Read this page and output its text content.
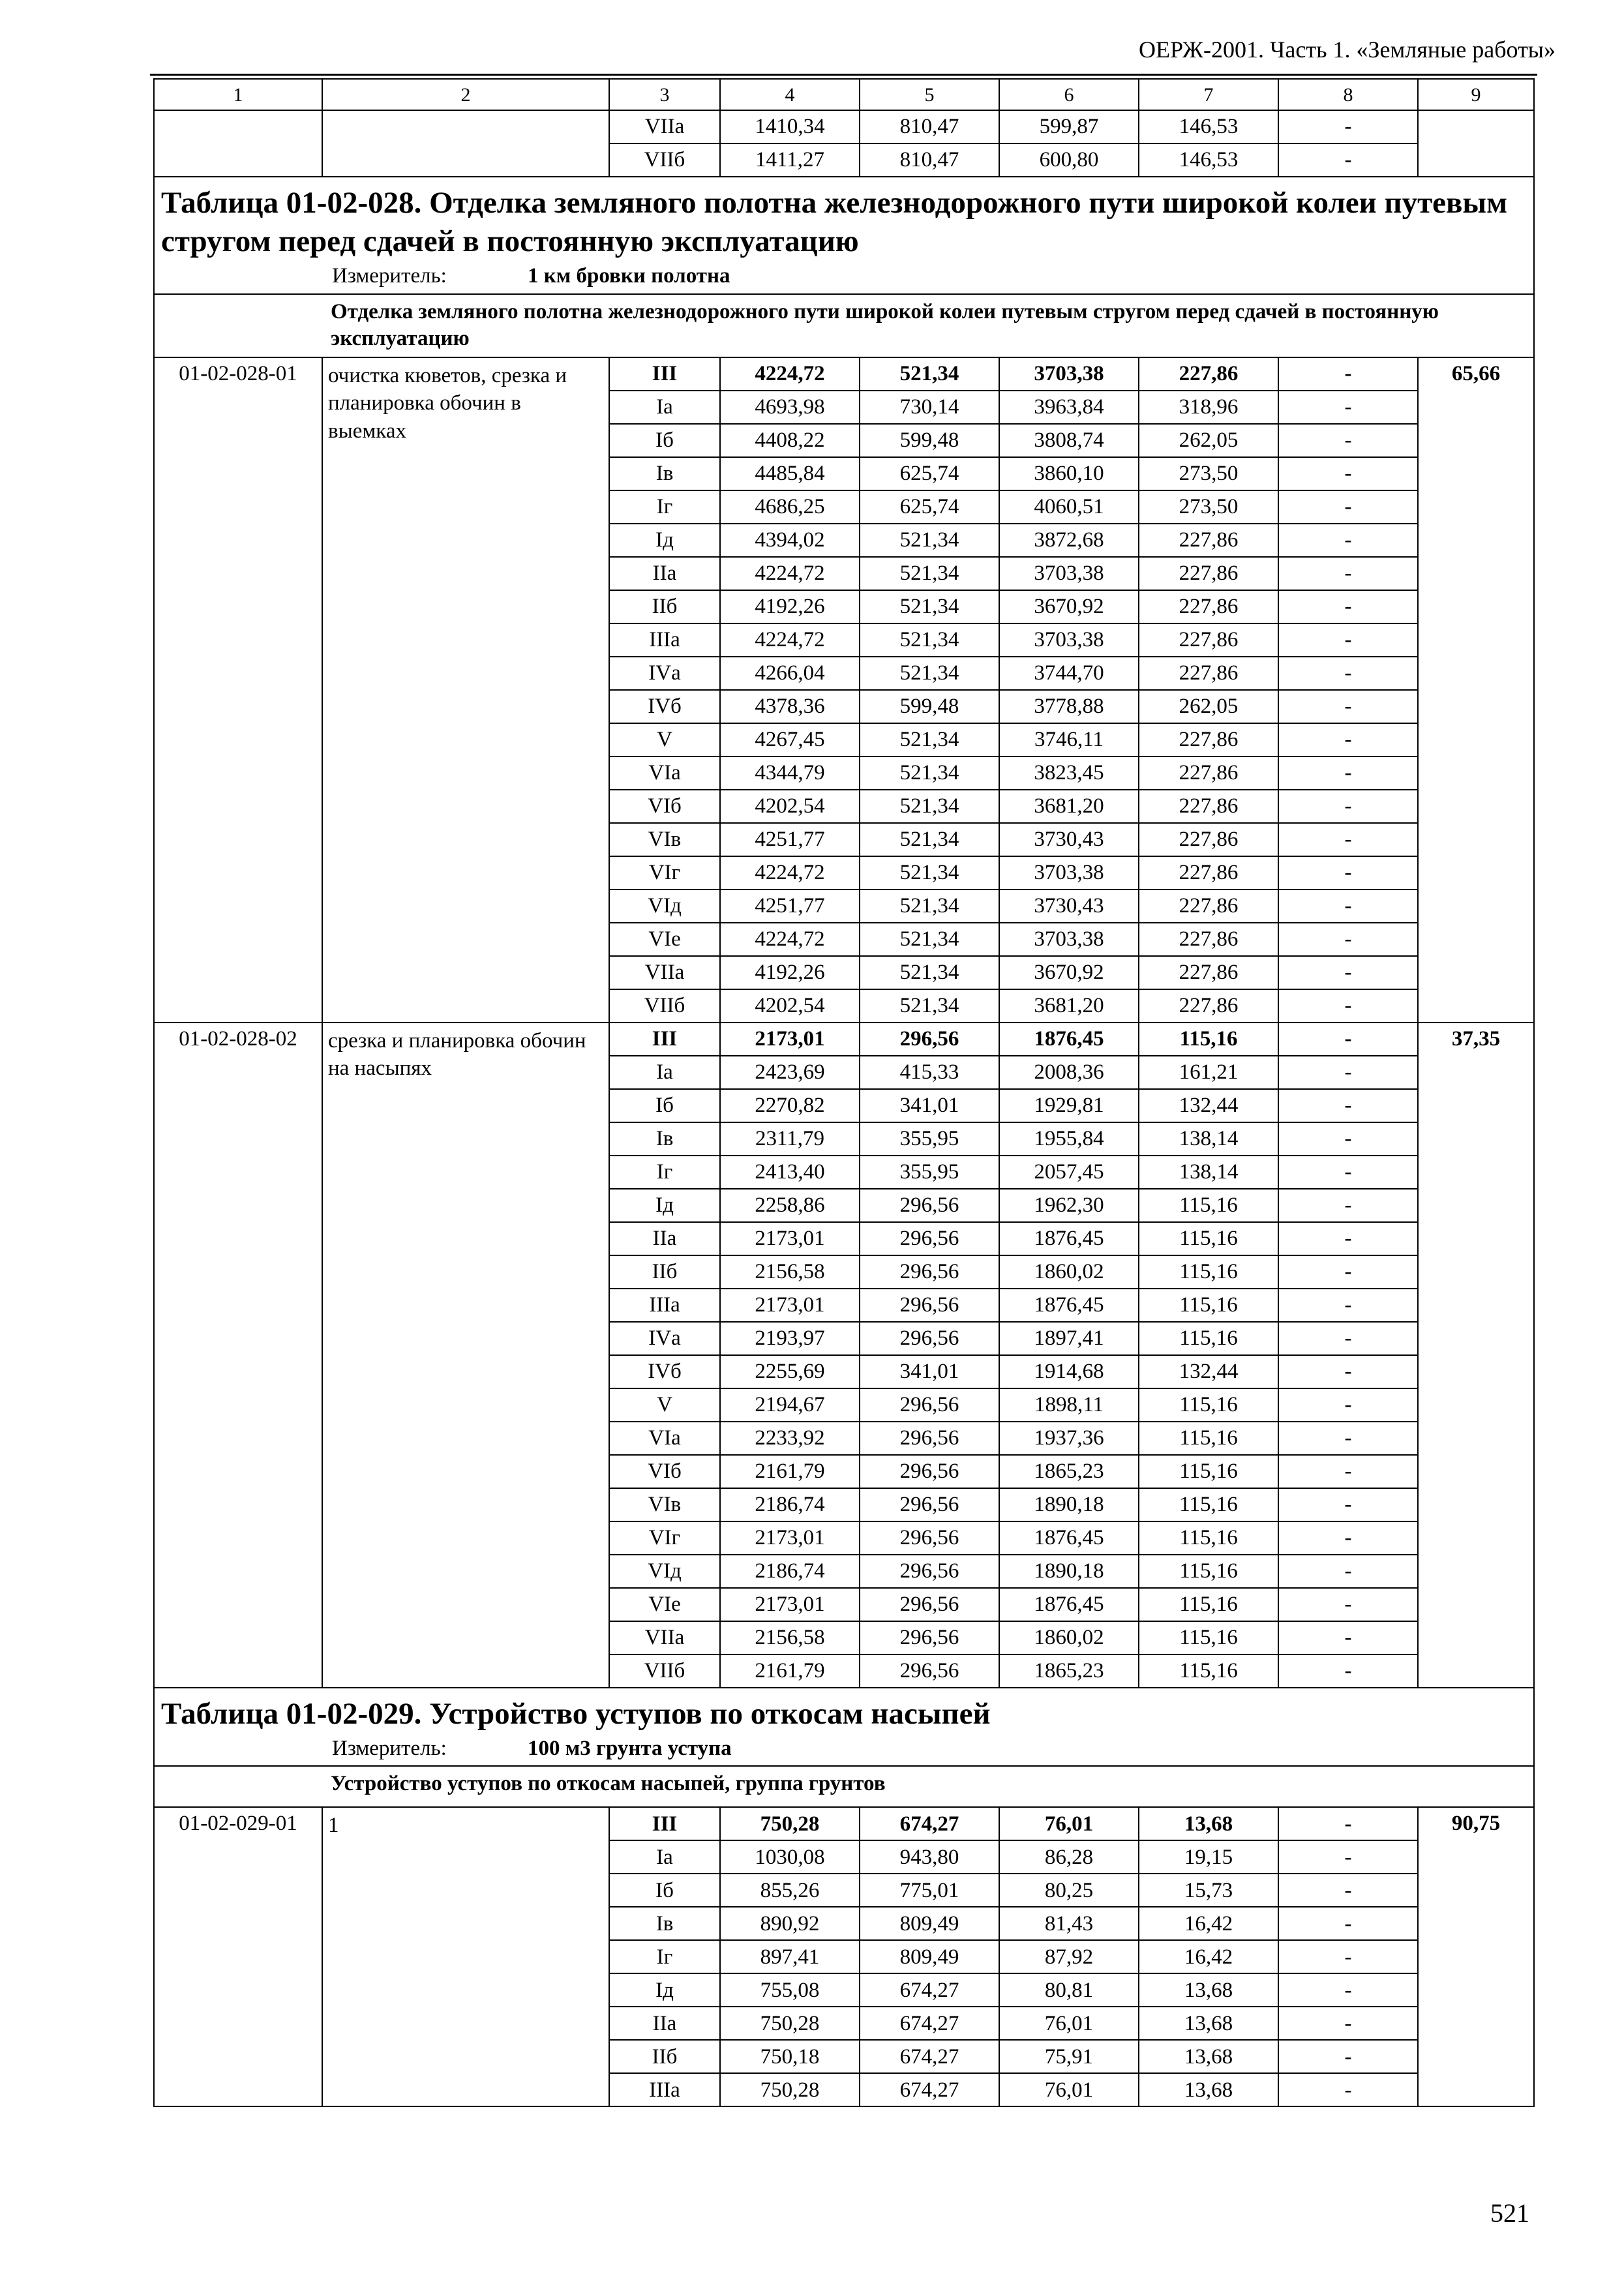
ОЕРЖ-2001. Часть 1. «Земляные работы»
1	2	3	4	5	6	7	8	9
		VIIа	1410,34	810,47	599,87	146,53	-	
		VIIб	1411,27	810,47	600,80	146,53	-	

Таблица 01-02-028. Отделка земляного полотна железнодорожного пути широкой колеи путевым стругом перед сдачей в постоянную эксплуатацию
Измеритель: 1 км бровки полотна								

Отделка земляного полотна железнодорожного пути широкой колеи путевым стругом перед сдачей в постоянную эксплуатацию								
01-02-028-01	очистка кюветов, срезка и планировка обочин в выемках	III	4224,72	521,34	3703,38	227,86	-	65,66
		Iа	4693,98	730,14	3963,84	318,96	-	
		Iб	4408,22	599,48	3808,74	262,05	-	
		Iв	4485,84	625,74	3860,10	273,50	-	
		Iг	4686,25	625,74	4060,51	273,50	-	
		Iд	4394,02	521,34	3872,68	227,86	-	
		IIа	4224,72	521,34	3703,38	227,86	-	
		IIб	4192,26	521,34	3670,92	227,86	-	
		IIIа	4224,72	521,34	3703,38	227,86	-	
		IVа	4266,04	521,34	3744,70	227,86	-	
		IVб	4378,36	599,48	3778,88	262,05	-	
		V	4267,45	521,34	3746,11	227,86	-	
		VIа	4344,79	521,34	3823,45	227,86	-	
		VIб	4202,54	521,34	3681,20	227,86	-	
		VIв	4251,77	521,34	3730,43	227,86	-	
		VIг	4224,72	521,34	3703,38	227,86	-	
		VIд	4251,77	521,34	3730,43	227,86	-	
		VIе	4224,72	521,34	3703,38	227,86	-	
		VIIа	4192,26	521,34	3670,92	227,86	-	
		VIIб	4202,54	521,34	3681,20	227,86	-	
01-02-028-02	срезка и планировка обочин на насыпях	III	2173,01	296,56	1876,45	115,16	-	37,35
		Iа	2423,69	415,33	2008,36	161,21	-	
		Iб	2270,82	341,01	1929,81	132,44	-	
		Iв	2311,79	355,95	1955,84	138,14	-	
		Iг	2413,40	355,95	2057,45	138,14	-	
		Iд	2258,86	296,56	1962,30	115,16	-	
		IIа	2173,01	296,56	1876,45	115,16	-	
		IIб	2156,58	296,56	1860,02	115,16	-	
		IIIа	2173,01	296,56	1876,45	115,16	-	
		IVа	2193,97	296,56	1897,41	115,16	-	
		IVб	2255,69	341,01	1914,68	132,44	-	
		V	2194,67	296,56	1898,11	115,16	-	
		VIа	2233,92	296,56	1937,36	115,16	-	
		VIб	2161,79	296,56	1865,23	115,16	-	
		VIв	2186,74	296,56	1890,18	115,16	-	
		VIг	2173,01	296,56	1876,45	115,16	-	
		VIд	2186,74	296,56	1890,18	115,16	-	
		VIе	2173,01	296,56	1876,45	115,16	-	
		VIIа	2156,58	296,56	1860,02	115,16	-	
		VIIб	2161,79	296,56	1865,23	115,16	-	

Таблица 01-02-029. Устройство уступов по откосам насыпей
Измеритель: 100 м3 грунта уступа								

Устройство уступов по откосам насыпей, группа грунтов								
01-02-029-01	1	III	750,28	674,27	76,01	13,68	-	90,75
		Iа	1030,08	943,80	86,28	19,15	-	
		Iб	855,26	775,01	80,25	15,73	-	
		Iв	890,92	809,49	81,43	16,42	-	
		Iг	897,41	809,49	87,92	16,42	-	
		Iд	755,08	674,27	80,81	13,68	-	
		IIа	750,28	674,27	76,01	13,68	-	
		IIб	750,18	674,27	75,91	13,68	-	
		IIIа	750,28	674,27	76,01	13,68	-	
521
